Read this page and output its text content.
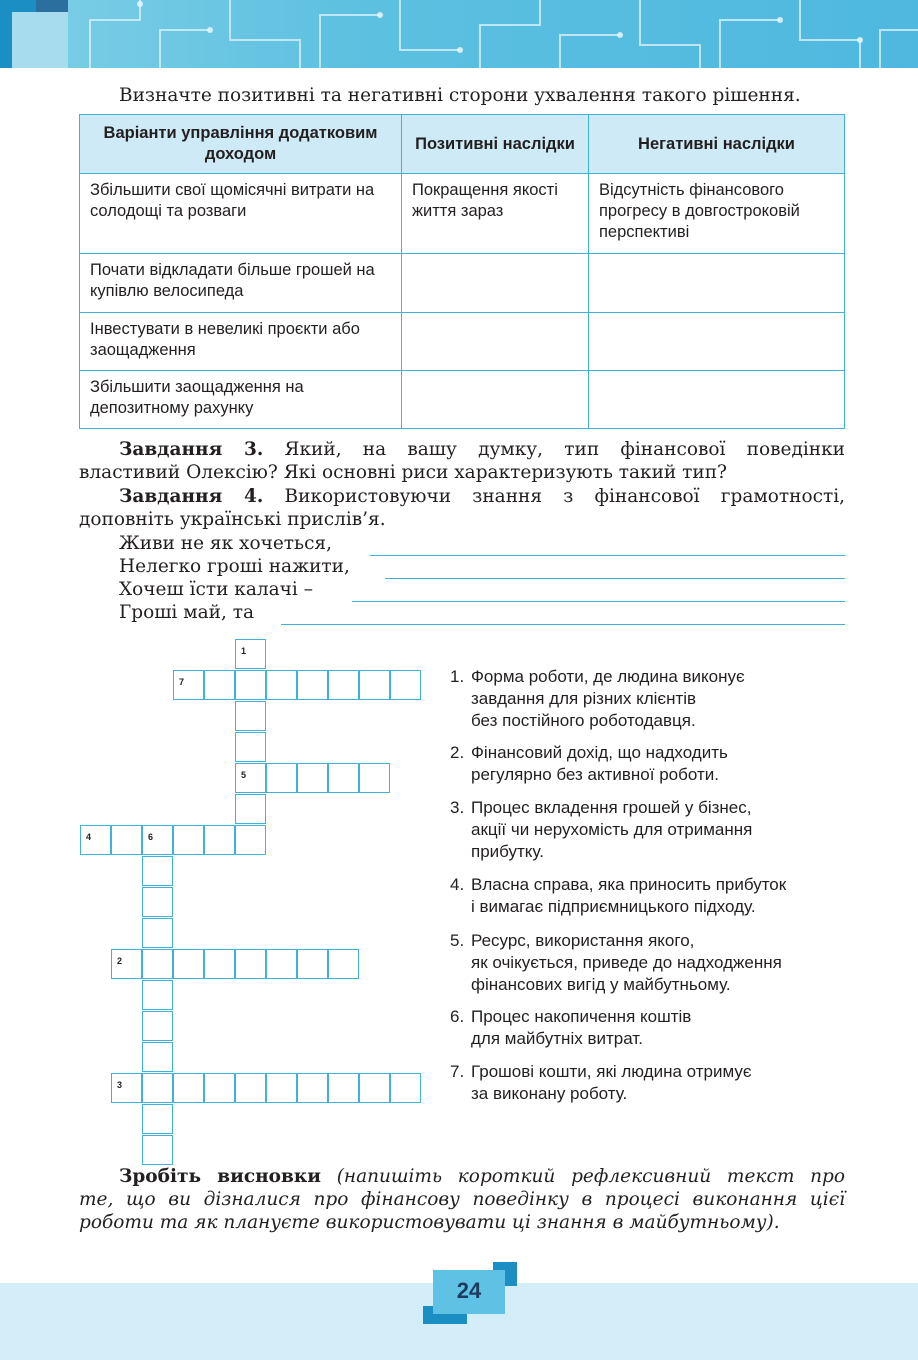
Визначте позитивні та негативні сторони ухвалення такого рішення.
Варіанти управління додатковим доходом	Позитивні наслідки	Негативні наслідки
Збільшити свої щомісячні витрати на солодощі та розваги	Покращення якості життя зараз	Відсутність фінансового прогресу в довгостроковій перспективі
Почати відкладати більше грошей на купівлю велосипеда		
Інвестувати в невеликі проєкти або заощадження		
Збільшити заощадження на депозитному рахунку		
Завдання 3. Який, на вашу думку, тип фінансової поведінки
властивий Олексію? Які основні риси характеризують такий тип?
Завдання 4. Використовуючи знання з фінансової грамотності,
доповніть українські прислів’я.
Живи не як хочеться,
Нелегко гроші нажити,
Хочеш їсти калачі –
Гроші май, та
1
7
5
4	6
2
3
1. Форма роботи, де людина виконує
завдання для різних клієнтів
без постійного роботодавця.
2. Фінансовий дохід, що надходить
регулярно без активної роботи.
3. Процес вкладення грошей у бізнес,
акції чи нерухомість для отримання
прибутку.
4. Власна справа, яка приносить прибуток
і вимагає підприємницького підходу.
5. Ресурс, використання якого,
як очікується, приведе до надходження
фінансових вигід у майбутньому.
6. Процес накопичення коштів
для майбутніх витрат.
7. Грошові кошти, які людина отримує
за виконану роботу.
Зробіть висновки (напишіть короткий рефлексивний текст про
те, що ви дізналися про фінансову поведінку в процесі виконання цієї
роботи та як плануєте використовувати ці знання в майбутньому).
24
